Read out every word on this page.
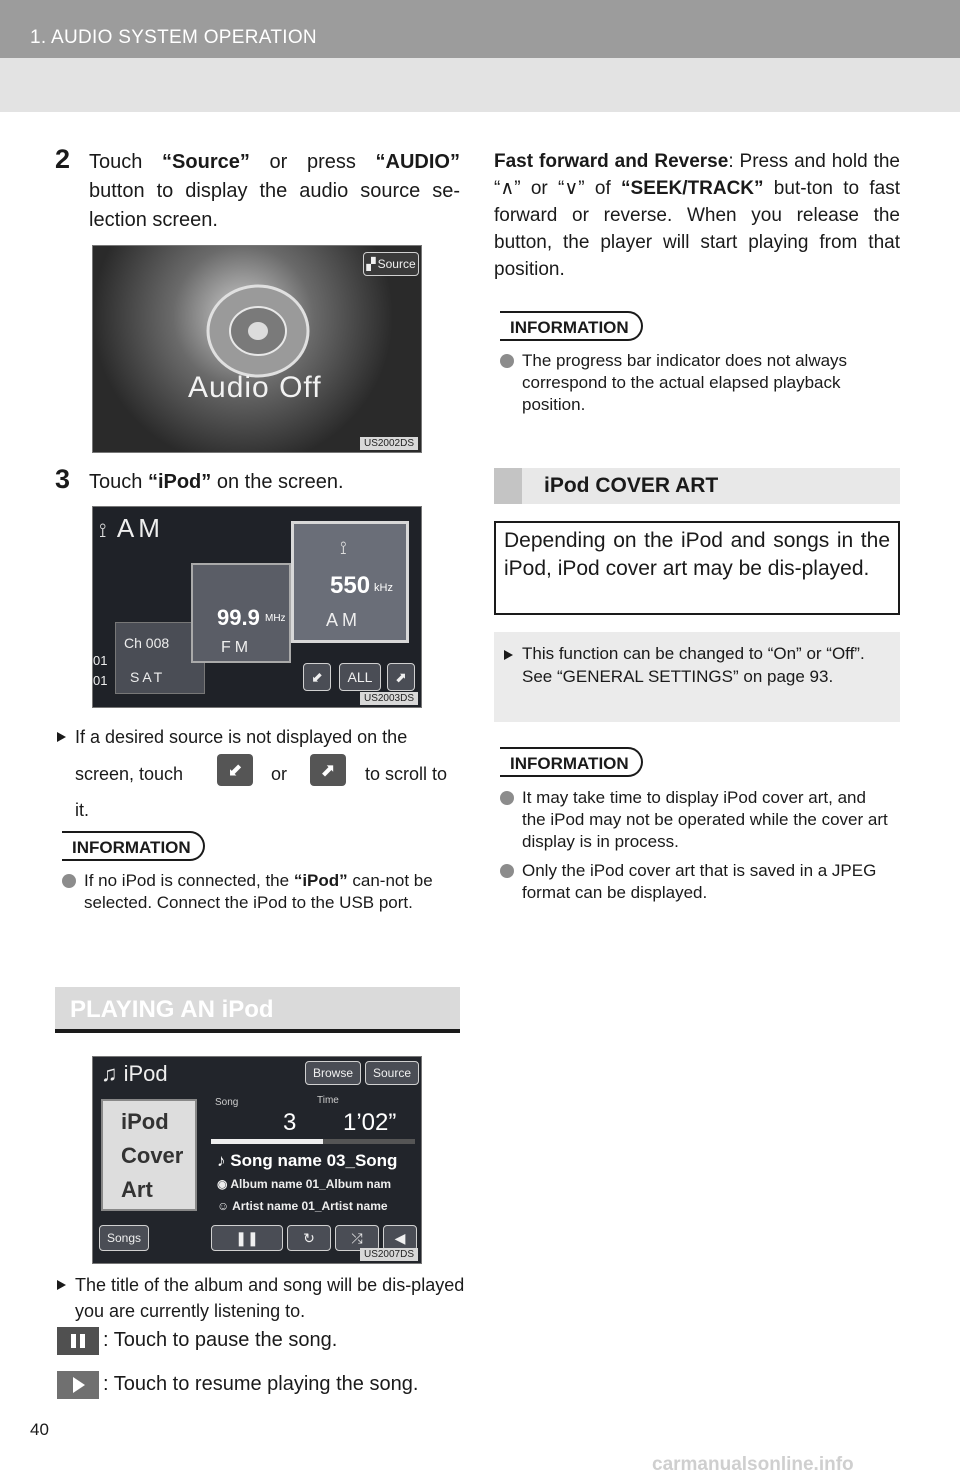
1. AUDIO SYSTEM OPERATION
2 Touch “Source” or press “AUDIO” button to display the audio source se-lection screen.
▞ Source
Audio Off
US2002DS
3 Touch “iPod” on the screen.
⟟ AM
01
01
Ch 008
SAT
99.9 MHz
FM
⟟
550 kHz
AM
⬋	ALL	⬈
US2003DS
If a desired source is not displayed on the
screen, touch	⬋	or	⬈	to scroll to
it.
INFORMATION
If no iPod is connected, the “iPod” can-not be selected. Connect the iPod to the USB port.
PLAYING AN iPod
♫ iPod	Browse Source
iPod Cover Art
Song	Time
3 1’02”
♪ Song name 03_Song
◉ Album name 01_Album nam
☺ Artist name 01_Artist name
Songs	❚❚	↻	⤮ ◀
US2007DS
The title of the album and song will be dis-played you are currently listening to.
: Touch to pause the song.
: Touch to resume playing the song.
Fast forward and Reverse: Press and hold the “∧” or “∨” of “SEEK/TRACK” but-ton to fast forward or reverse. When you release the button, the player will start playing from that position.
INFORMATION
The progress bar indicator does not always correspond to the actual elapsed playback position.
iPod COVER ART
Depending on the iPod and songs in the iPod, iPod cover art may be dis-played.
This function can be changed to “On” or “Off”. See “GENERAL SETTINGS” on page 93.
INFORMATION
It may take time to display iPod cover art, and the iPod may not be operated while the cover art display is in process.
Only the iPod cover art that is saved in a JPEG format can be displayed.
40
carmanualsonline.info
